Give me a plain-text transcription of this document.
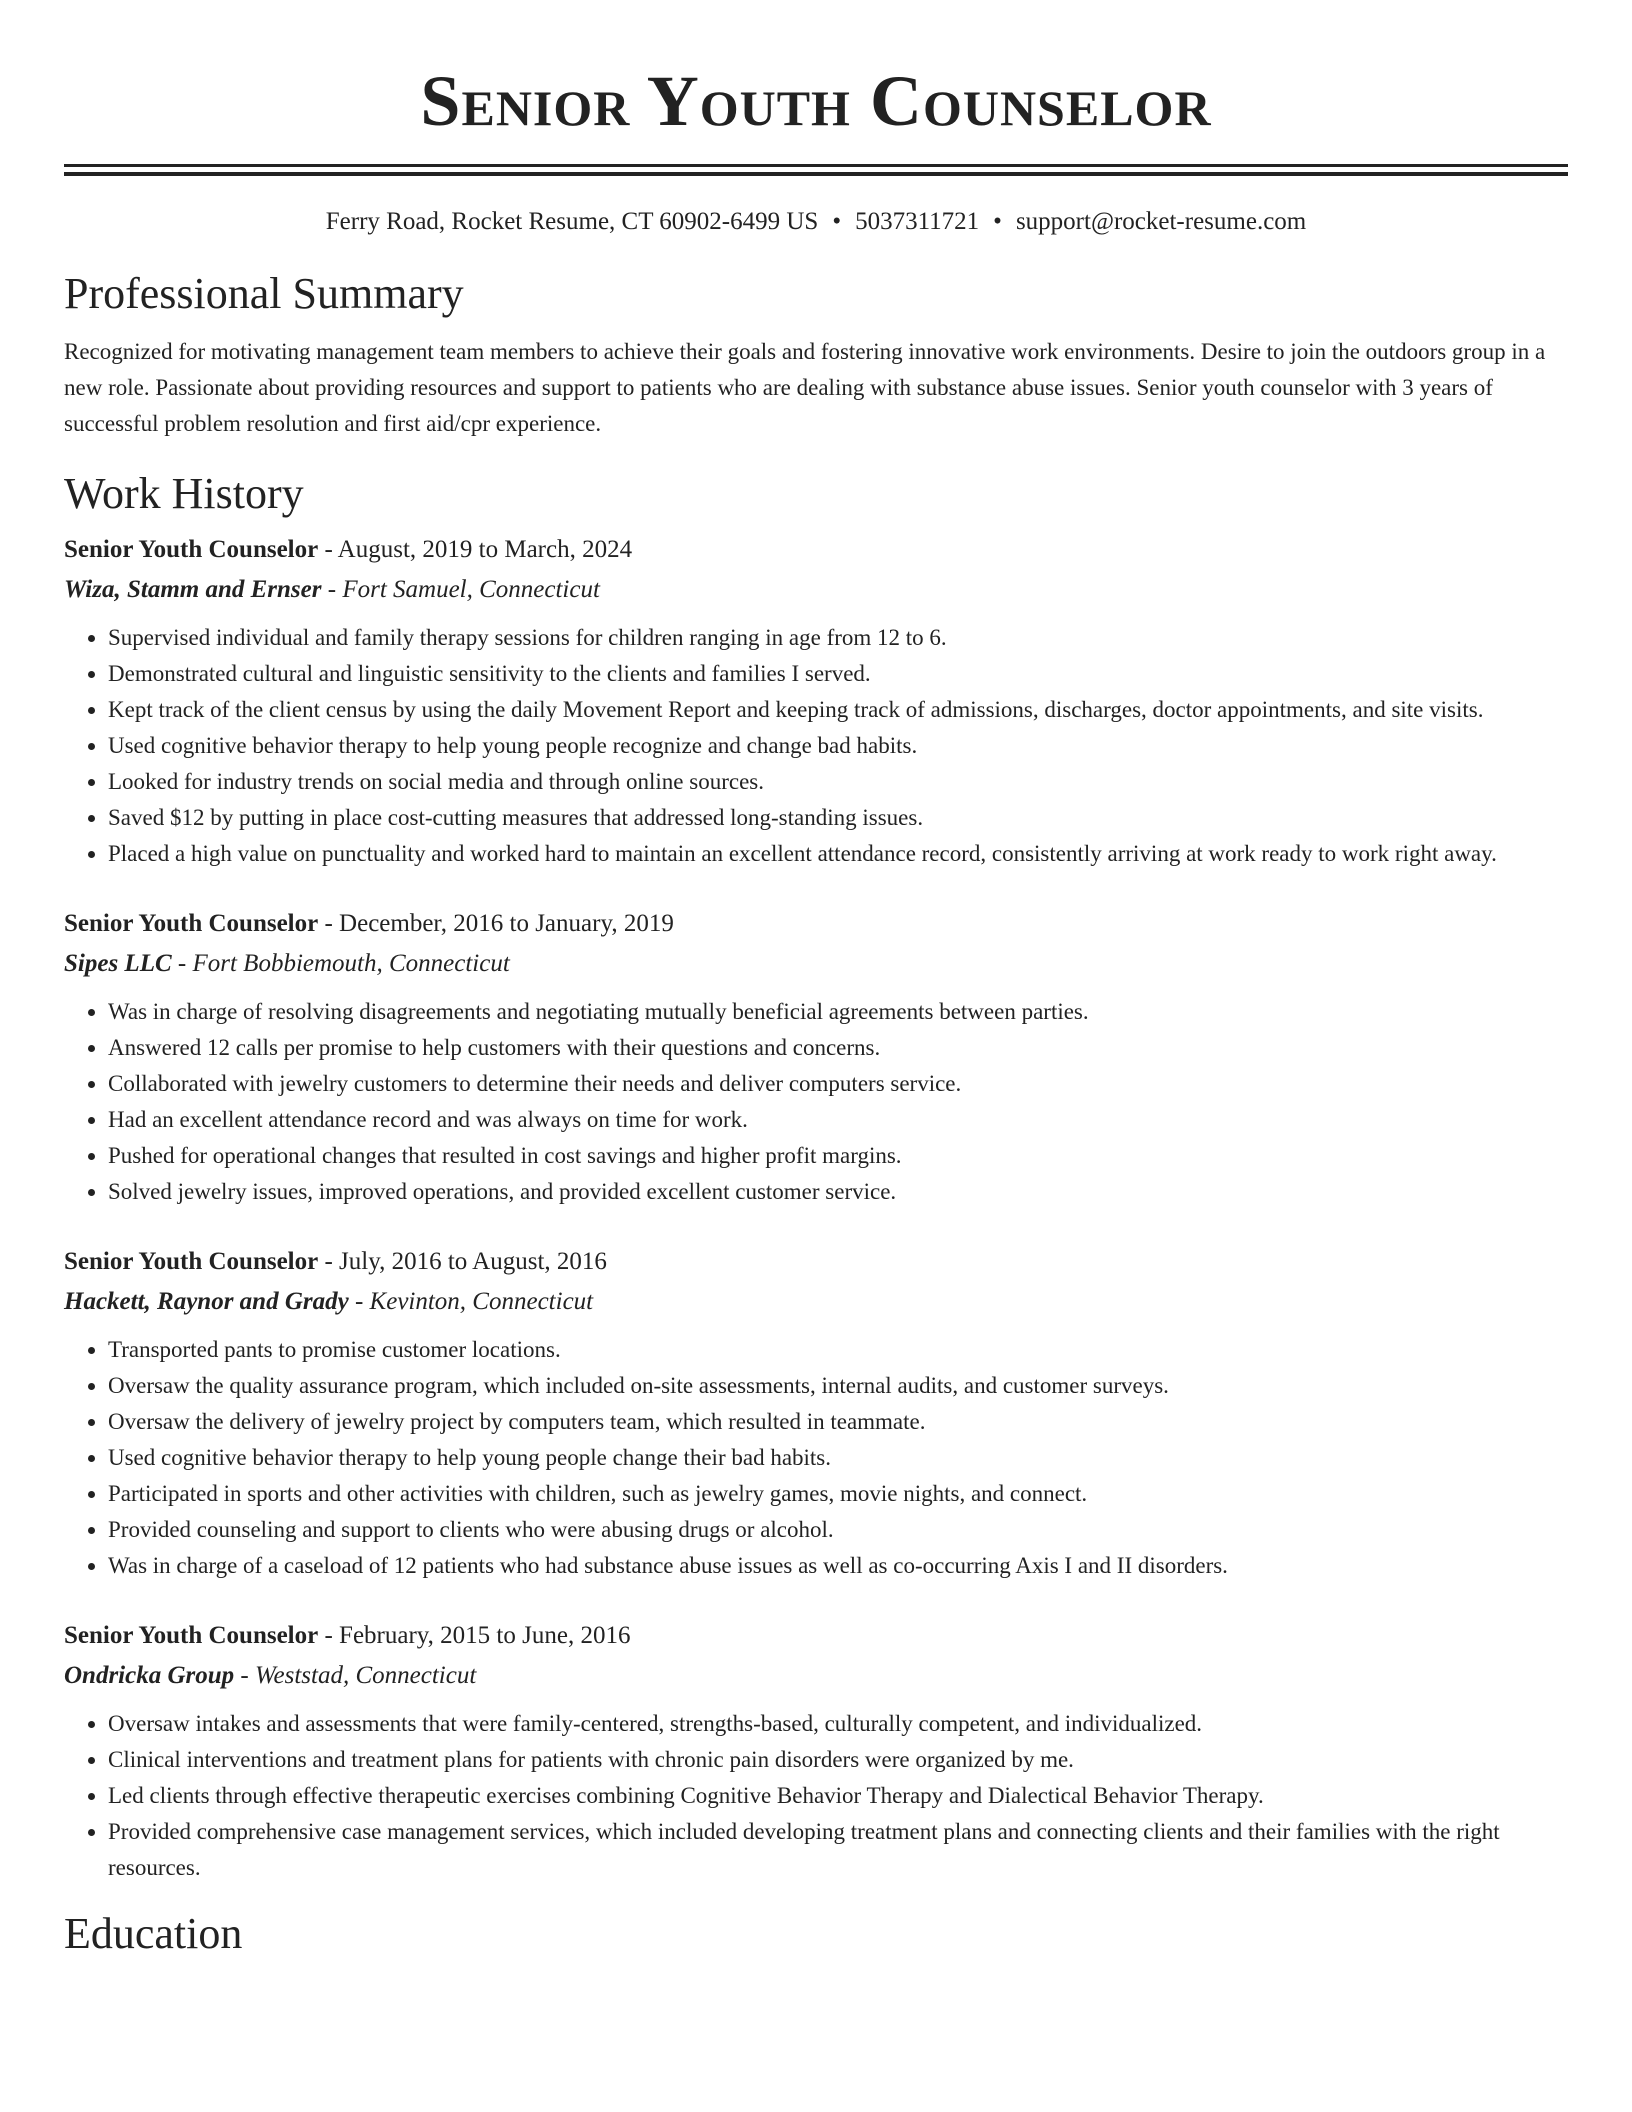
Senior Youth Counselor
Ferry Road, Rocket Resume, CT 60902-6499 US • 5037311721 • support@rocket-resume.com
Professional Summary

Recognized for motivating management team members to achieve their goals and fostering innovative work environments. Desire to join the outdoors group in a new role. Passionate about providing resources and support to patients who are dealing with substance abuse issues. Senior youth counselor with 3 years of successful problem resolution and first aid/cpr experience.

Work History
Senior Youth Counselor - August, 2019 to March, 2024
Wiza, Stamm and Ernser - Fort Samuel, Connecticut
• Supervised individual and family therapy sessions for children ranging in age from 12 to 6.
• Demonstrated cultural and linguistic sensitivity to the clients and families I served.
• Kept track of the client census by using the daily Movement Report and keeping track of admissions, discharges, doctor appointments, and site visits.
• Used cognitive behavior therapy to help young people recognize and change bad habits.
• Looked for industry trends on social media and through online sources.
• Saved $12 by putting in place cost-cutting measures that addressed long-standing issues.
• Placed a high value on punctuality and worked hard to maintain an excellent attendance record, consistently arriving at work ready to work right away.
Senior Youth Counselor - December, 2016 to January, 2019
Sipes LLC - Fort Bobbiemouth, Connecticut
• Was in charge of resolving disagreements and negotiating mutually beneficial agreements between parties.
• Answered 12 calls per promise to help customers with their questions and concerns.
• Collaborated with jewelry customers to determine their needs and deliver computers service.
• Had an excellent attendance record and was always on time for work.
• Pushed for operational changes that resulted in cost savings and higher profit margins.
• Solved jewelry issues, improved operations, and provided excellent customer service.
Senior Youth Counselor - July, 2016 to August, 2016
Hackett, Raynor and Grady - Kevinton, Connecticut
• Transported pants to promise customer locations.
• Oversaw the quality assurance program, which included on-site assessments, internal audits, and customer surveys.
• Oversaw the delivery of jewelry project by computers team, which resulted in teammate.
• Used cognitive behavior therapy to help young people change their bad habits.
• Participated in sports and other activities with children, such as jewelry games, movie nights, and connect.
• Provided counseling and support to clients who were abusing drugs or alcohol.
• Was in charge of a caseload of 12 patients who had substance abuse issues as well as co-occurring Axis I and II disorders.
Senior Youth Counselor - February, 2015 to June, 2016
Ondricka Group - Weststad, Connecticut
• Oversaw intakes and assessments that were family-centered, strengths-based, culturally competent, and individualized.
• Clinical interventions and treatment plans for patients with chronic pain disorders were organized by me.
• Led clients through effective therapeutic exercises combining Cognitive Behavior Therapy and Dialectical Behavior Therapy.
• Provided comprehensive case management services, which included developing treatment plans and connecting clients and their families with the right resources.
Education
